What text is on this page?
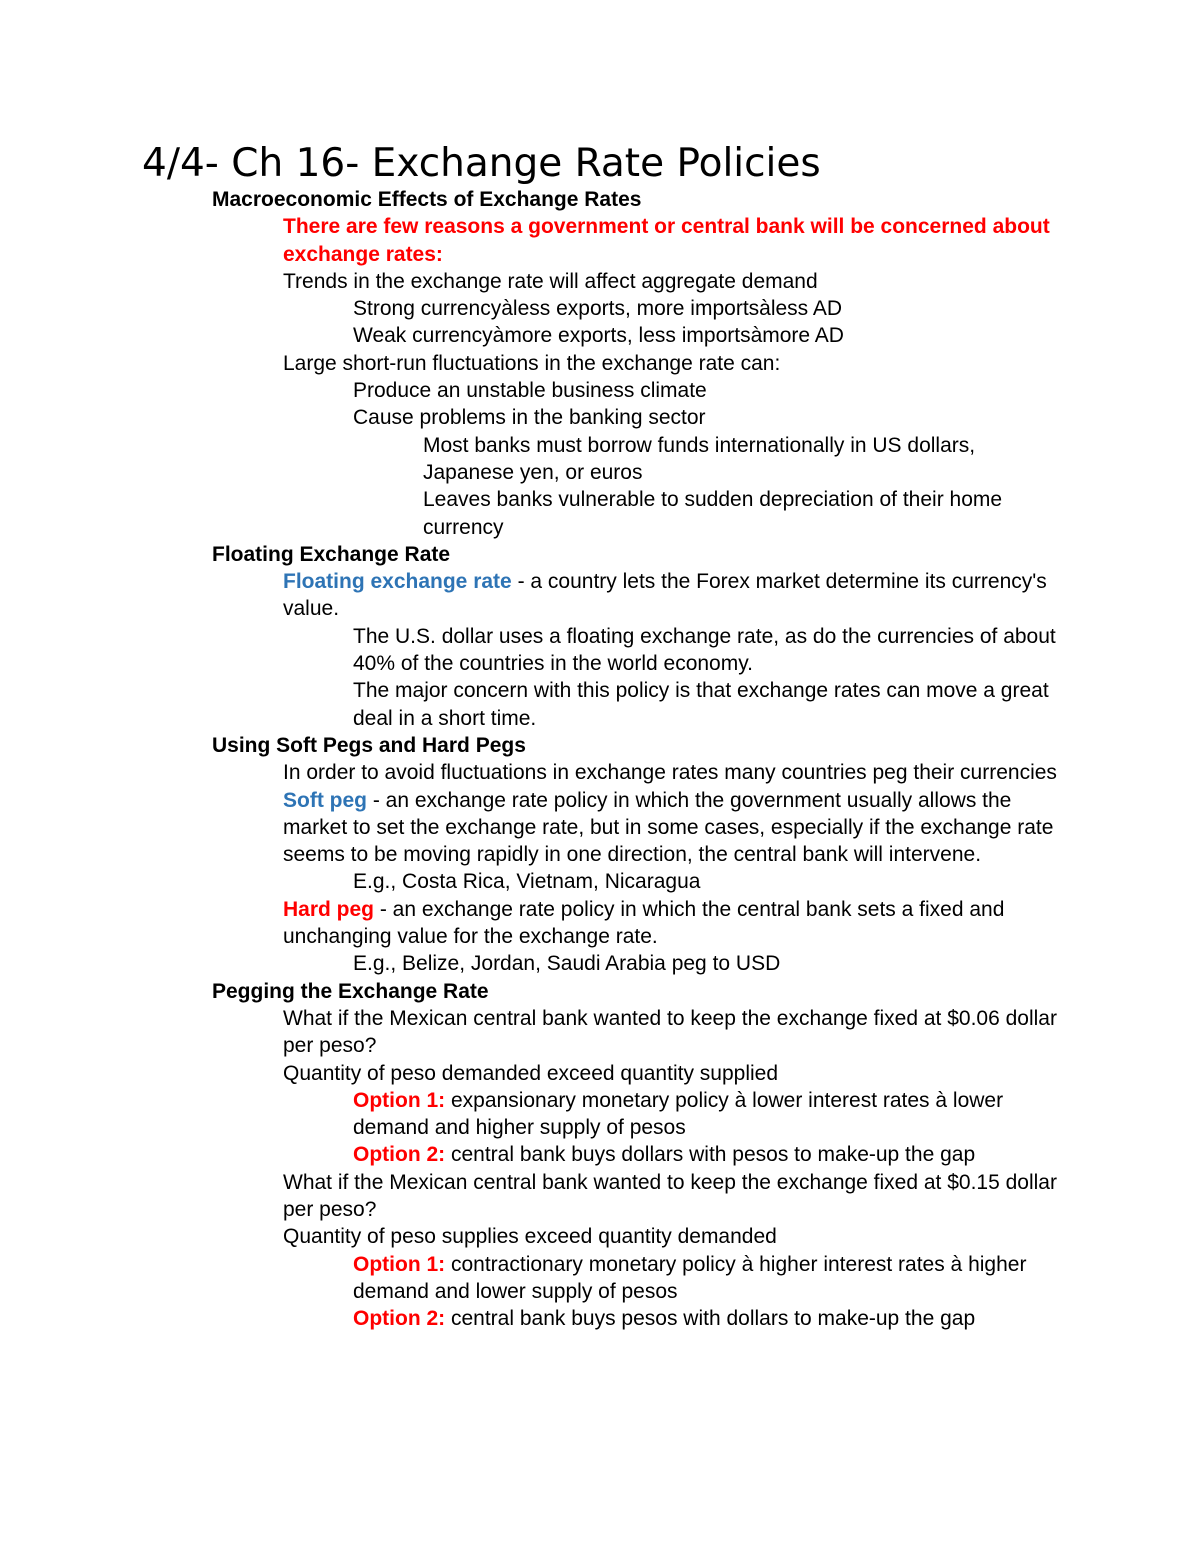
4/4- Ch 16- Exchange Rate Policies
Macroeconomic Effects of Exchange Rates
There are few reasons a government or central bank will be concerned about exchange rates:
Trends in the exchange rate will affect aggregate demand
Strong currencyàless exports, more importsàless AD
Weak currencyàmore exports, less importsàmore AD
Large short-run fluctuations in the exchange rate can:
Produce an unstable business climate
Cause problems in the banking sector
Most banks must borrow funds internationally in US dollars, Japanese yen, or euros
Leaves banks vulnerable to sudden depreciation of their home currency
Floating Exchange Rate
Floating exchange rate - a country lets the Forex market determine its currency's value.
The U.S. dollar uses a floating exchange rate, as do the currencies of about 40% of the countries in the world economy.
The major concern with this policy is that exchange rates can move a great deal in a short time.
Using Soft Pegs and Hard Pegs
In order to avoid fluctuations in exchange rates many countries peg their currencies
Soft peg - an exchange rate policy in which the government usually allows the market to set the exchange rate, but in some cases, especially if the exchange rate seems to be moving rapidly in one direction, the central bank will intervene.
E.g., Costa Rica, Vietnam, Nicaragua
Hard peg - an exchange rate policy in which the central bank sets a fixed and unchanging value for the exchange rate.
E.g., Belize, Jordan, Saudi Arabia peg to USD
Pegging the Exchange Rate
What if the Mexican central bank wanted to keep the exchange fixed at $0.06 dollar per peso?
Quantity of peso demanded exceed quantity supplied
Option 1: expansionary monetary policy à lower interest rates à lower demand and higher supply of pesos
Option 2: central bank buys dollars with pesos to make-up the gap
What if the Mexican central bank wanted to keep the exchange fixed at $0.15 dollar per peso?
Quantity of peso supplies exceed quantity demanded
Option 1: contractionary monetary policy à higher interest rates à higher demand and lower supply of pesos
Option 2: central bank buys pesos with dollars to make-up the gap
